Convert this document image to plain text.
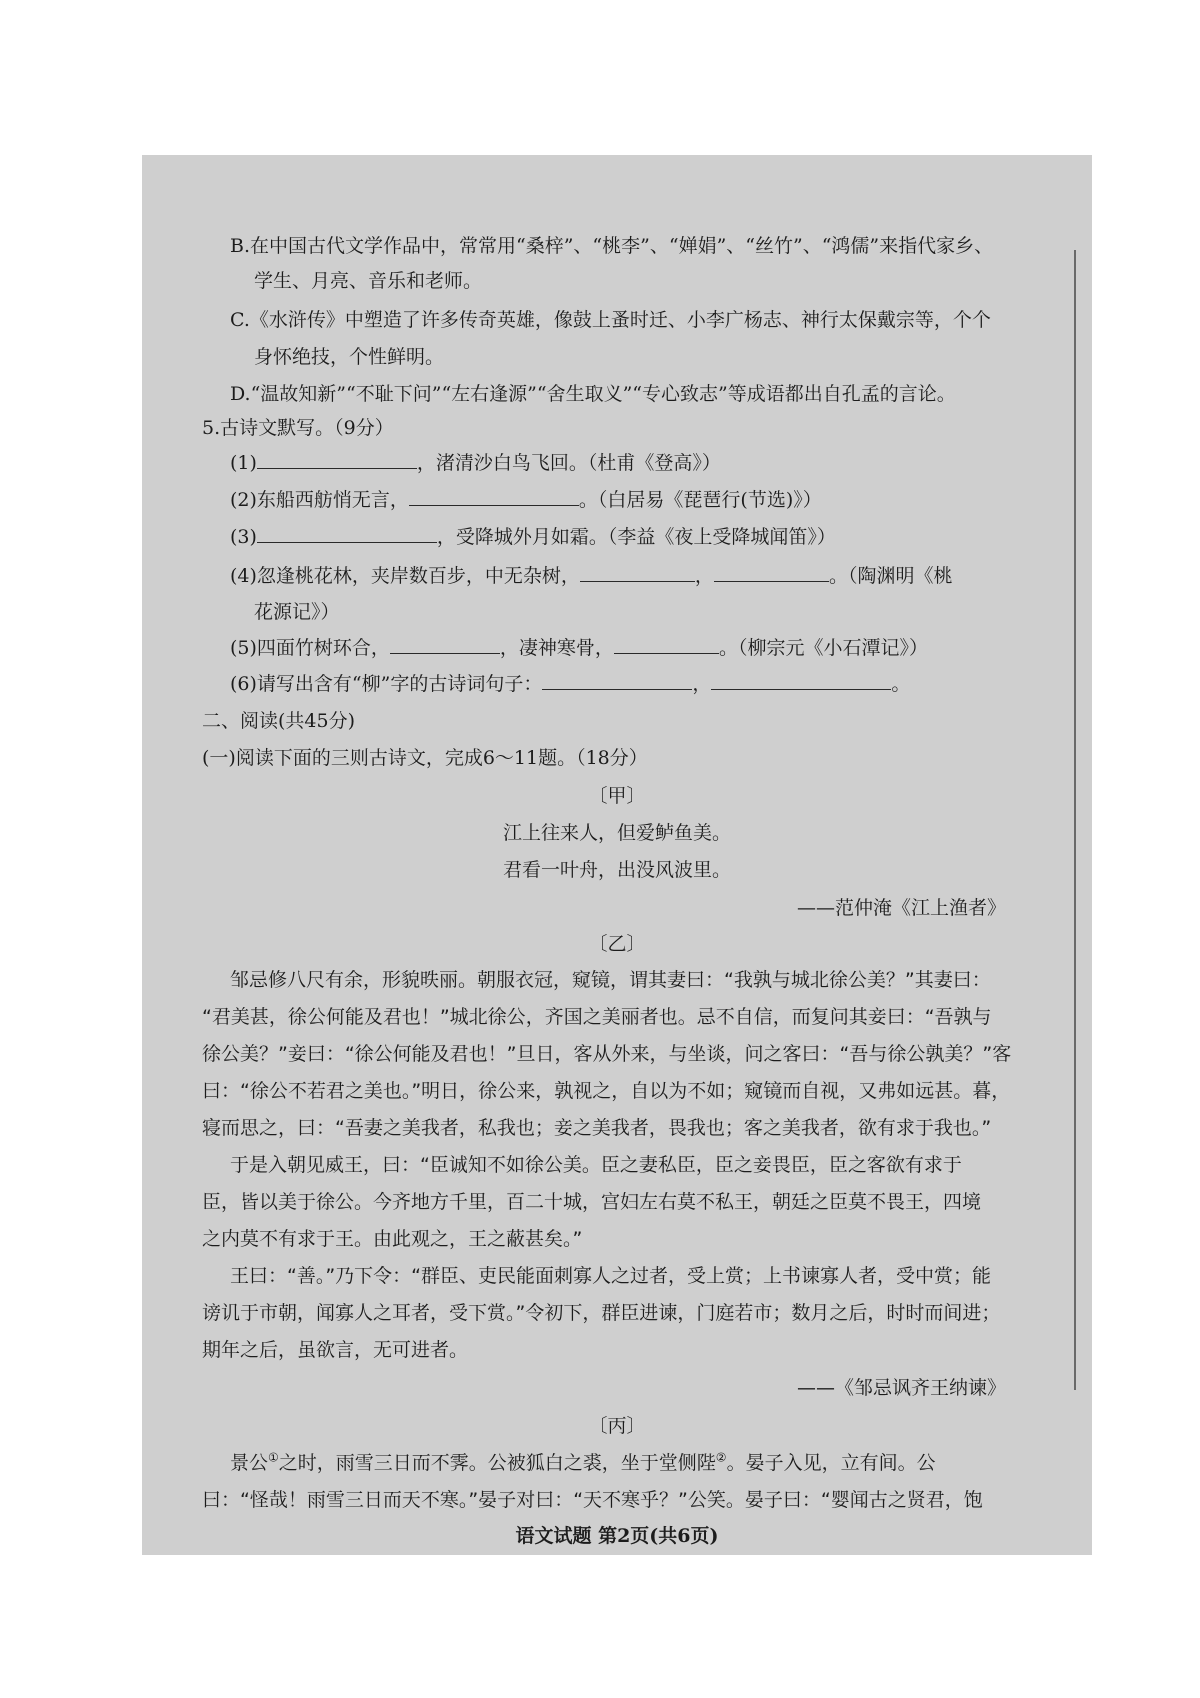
B.在中国古代文学作品中，常常用“桑梓”、“桃李”、“婵娟”、“丝竹”、“鸿儒”来指代家乡、
学生、月亮、音乐和老师。
C.《水浒传》中塑造了许多传奇英雄，像鼓上蚤时迁、小李广杨志、神行太保戴宗等，个个
身怀绝技，个性鲜明。
D.“温故知新”“不耻下问”“左右逢源”“舍生取义”“专心致志”等成语都出自孔孟的言论。
5.古诗文默写。（9分）
(1)	，渚清沙白鸟飞回。（杜甫《登高》）
(2)东船西舫悄无言，	。（白居易《琵琶行(节选)》）
(3)	，受降城外月如霜。（李益《夜上受降城闻笛》）
(4)忽逢桃花林，夹岸数百步，中无杂树，	，	。（陶渊明《桃
花源记》）
(5)四面竹树环合，	，凄神寒骨，	。（柳宗元《小石潭记》）
(6)请写出含有“柳”字的古诗词句子：	，	。
二、阅读(共45分)
(一)阅读下面的三则古诗文，完成6～11题。（18分）
〔甲〕
江上往来人，但爱鲈鱼美。
君看一叶舟，出没风波里。
——范仲淹《江上渔者》
〔乙〕
邹忌修八尺有余，形貌昳丽。朝服衣冠，窥镜，谓其妻曰：“我孰与城北徐公美？”其妻曰：
“君美甚，徐公何能及君也！”城北徐公，齐国之美丽者也。忌不自信，而复问其妾曰：“吾孰与
徐公美？”妾曰：“徐公何能及君也！”旦日，客从外来，与坐谈，问之客曰：“吾与徐公孰美？”客
曰：“徐公不若君之美也。”明日，徐公来，孰视之，自以为不如；窥镜而自视，又弗如远甚。暮，
寝而思之，曰：“吾妻之美我者，私我也；妾之美我者，畏我也；客之美我者，欲有求于我也。”
于是入朝见威王，曰：“臣诚知不如徐公美。臣之妻私臣，臣之妾畏臣，臣之客欲有求于
臣，皆以美于徐公。今齐地方千里，百二十城，宫妇左右莫不私王，朝廷之臣莫不畏王，四境
之内莫不有求于王。由此观之，王之蔽甚矣。”
王曰：“善。”乃下令：“群臣、吏民能面刺寡人之过者，受上赏；上书谏寡人者，受中赏；能
谤讥于市朝，闻寡人之耳者，受下赏。”令初下，群臣进谏，门庭若市；数月之后，时时而间进；
期年之后，虽欲言，无可进者。
——《邹忌讽齐王纳谏》
〔丙〕
景公①之时，雨雪三日而不霁。公被狐白之裘，坐于堂侧陛②。晏子入见，立有间。公
曰：“怪哉！雨雪三日而天不寒。”晏子对曰：“天不寒乎？”公笑。晏子曰：“婴闻古之贤君，饱
语文试题 第2页(共6页)
